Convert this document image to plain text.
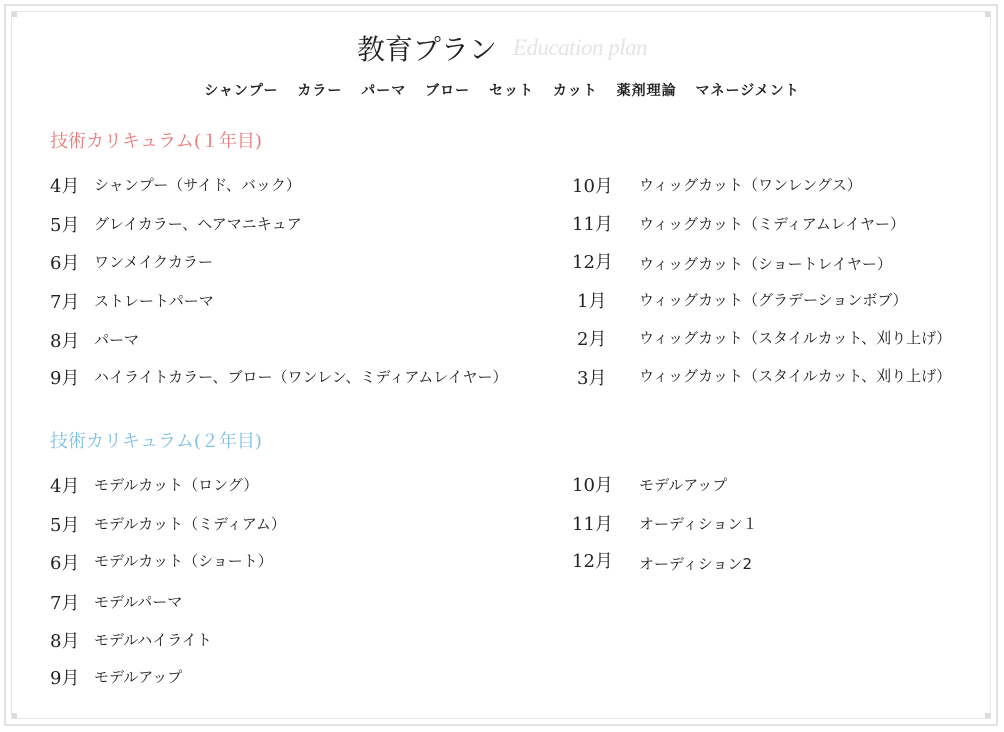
教育プラン Education plan
シャンプー カラー パーマ ブロー セット カット 薬剤理論 マネージメント
技術カリキュラム(１年目)
4月 シャンプー（サイド、バック）
5月 グレイカラー、ヘアマニキュア
6月 ワンメイクカラー
7月 ストレートパーマ
8月 パーマ
9月 ハイライトカラー、ブロー（ワンレン、ミディアムレイヤー）
10月 ウィッグカット（ワンレングス）
11月 ウィッグカット（ミディアムレイヤー）
12月 ウィッグカット（ショートレイヤー）
1月 ウィッグカット（グラデーションボブ）
2月 ウィッグカット（スタイルカット、刈り上げ）
3月 ウィッグカット（スタイルカット、刈り上げ）
技術カリキュラム(２年目)
4月 モデルカット（ロング）
5月 モデルカット（ミディアム）
6月 モデルカット（ショート）
7月 モデルパーマ
8月 モデルハイライト
9月 モデルアップ
10月 モデルアップ
11月 オーディション１
12月 オーディション2
